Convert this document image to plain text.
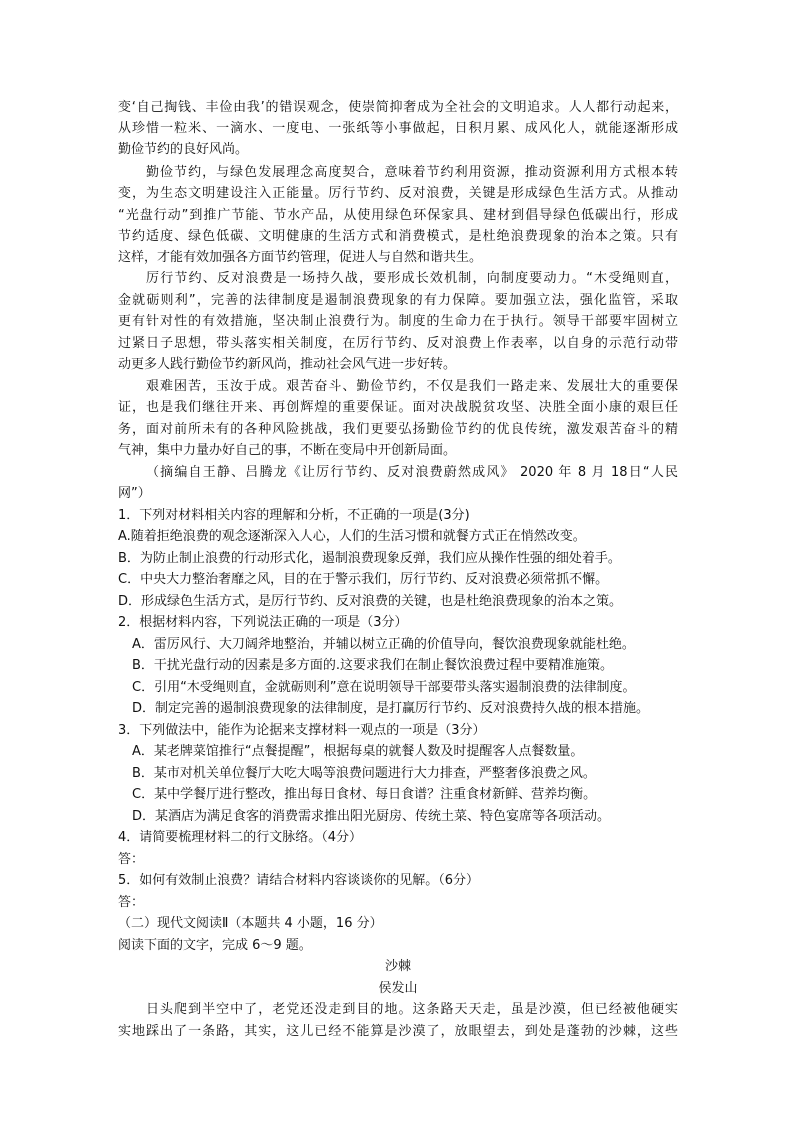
变‘自己掏钱、丰俭由我’的错误观念，使崇简抑奢成为全社会的文明追求。人人都行动起来，
从珍惜一粒米、一滴水、一度电、一张纸等小事做起，日积月累、成风化人，就能逐渐形成
勤俭节约的良好风尚。
勤俭节约，与绿色发展理念高度契合，意味着节约利用资源，推动资源利用方式根本转
变，为生态文明建设注入正能量。厉行节约、反对浪费，关键是形成绿色生活方式。从推动
“光盘行动”到推广节能、节水产品，从使用绿色环保家具、建材到倡导绿色低碳出行，形成
节约适度、绿色低碳、文明健康的生活方式和消费模式，是杜绝浪费现象的治本之策。只有
这样，才能有效加强各方面节约管理，促进人与自然和谐共生。
厉行节约、反对浪费是一场持久战，要形成长效机制，向制度要动力。“木受绳则直，
金就砺则利”，完善的法律制度是遏制浪费现象的有力保障。要加强立法，强化监管，采取
更有针对性的有效措施，坚决制止浪费行为。制度的生命力在于执行。领导干部要牢固树立
过紧日子思想，带头落实相关制度，在厉行节约、反对浪费上作表率，以自身的示范行动带
动更多人践行勤俭节约新风尚，推动社会风气进一步好转。
艰难困苦，玉汝于成。艰苦奋斗、勤俭节约，不仅是我们一路走来、发展壮大的重要保
证，也是我们继往开来、再创辉煌的重要保证。面对决战脱贫攻坚、决胜全面小康的艰巨任
务，面对前所未有的各种风险挑战，我们更要弘扬勤俭节约的优良传统，激发艰苦奋斗的精
气神，集中力量办好自己的事，不断在变局中开创新局面。
（摘编自王静、吕腾龙《让厉行节约、反对浪费蔚然成风》 2020 年 8 月 18日“人民
网”）
1．下列对材料相关内容的理解和分析，不正确的一项是(3分)
A.随着拒绝浪费的观念逐渐深入人心，人们的生活习惯和就餐方式正在悄然改变。
B．为防止制止浪费的行动形式化，遏制浪费现象反弹，我们应从操作性强的细处着手。
C．中央大力整治奢靡之风，目的在于警示我们，厉行节约、反对浪费必须常抓不懈。
D．形成绿色生活方式，是厉行节约、反对浪费的关键，也是杜绝浪费现象的治本之策。
2．根据材料内容，下列说法正确的一项是（3分）
A．雷厉风行、大刀阔斧地整治，并辅以树立正确的价值导向，餐饮浪费现象就能杜绝。
B．干扰光盘行动的因素是多方面的.这要求我们在制止餐饮浪费过程中要精准施策。
C．引用“木受绳则直，金就砺则利”意在说明领导干部要带头落实遏制浪费的法律制度。
D．制定完善的遏制浪费现象的法律制度，是打赢厉行节约、反对浪费持久战的根本措施。
3．下列做法中，能作为论据来支撑材料一观点的一项是（3分）
A．某老牌菜馆推行“点餐提醒”，根据每桌的就餐人数及时提醒客人点餐数量。
B．某市对机关单位餐厅大吃大喝等浪费问题进行大力排查，严整奢侈浪费之风。
C．某中学餐厅进行整改，推出每日食材、每日食谱？注重食材新鲜、营养均衡。
D．某酒店为满足食客的消费需求推出阳光厨房、传统土菜、特色宴席等各项活动。
4．请简要梳理材料二的行文脉络。（4分）
答：
5．如何有效制止浪费？请结合材料内容谈谈你的见解。（6分）
答：
（二）现代文阅读Ⅱ（本题共 4 小题，16 分）
阅读下面的文字，完成 6～9 题。
沙棘
侯发山
日头爬到半空中了，老党还没走到目的地。这条路天天走，虽是沙漠，但已经被他硬实
实地踩出了一条路，其实，这儿已经不能算是沙漠了，放眼望去，到处是蓬勃的沙棘，这些
